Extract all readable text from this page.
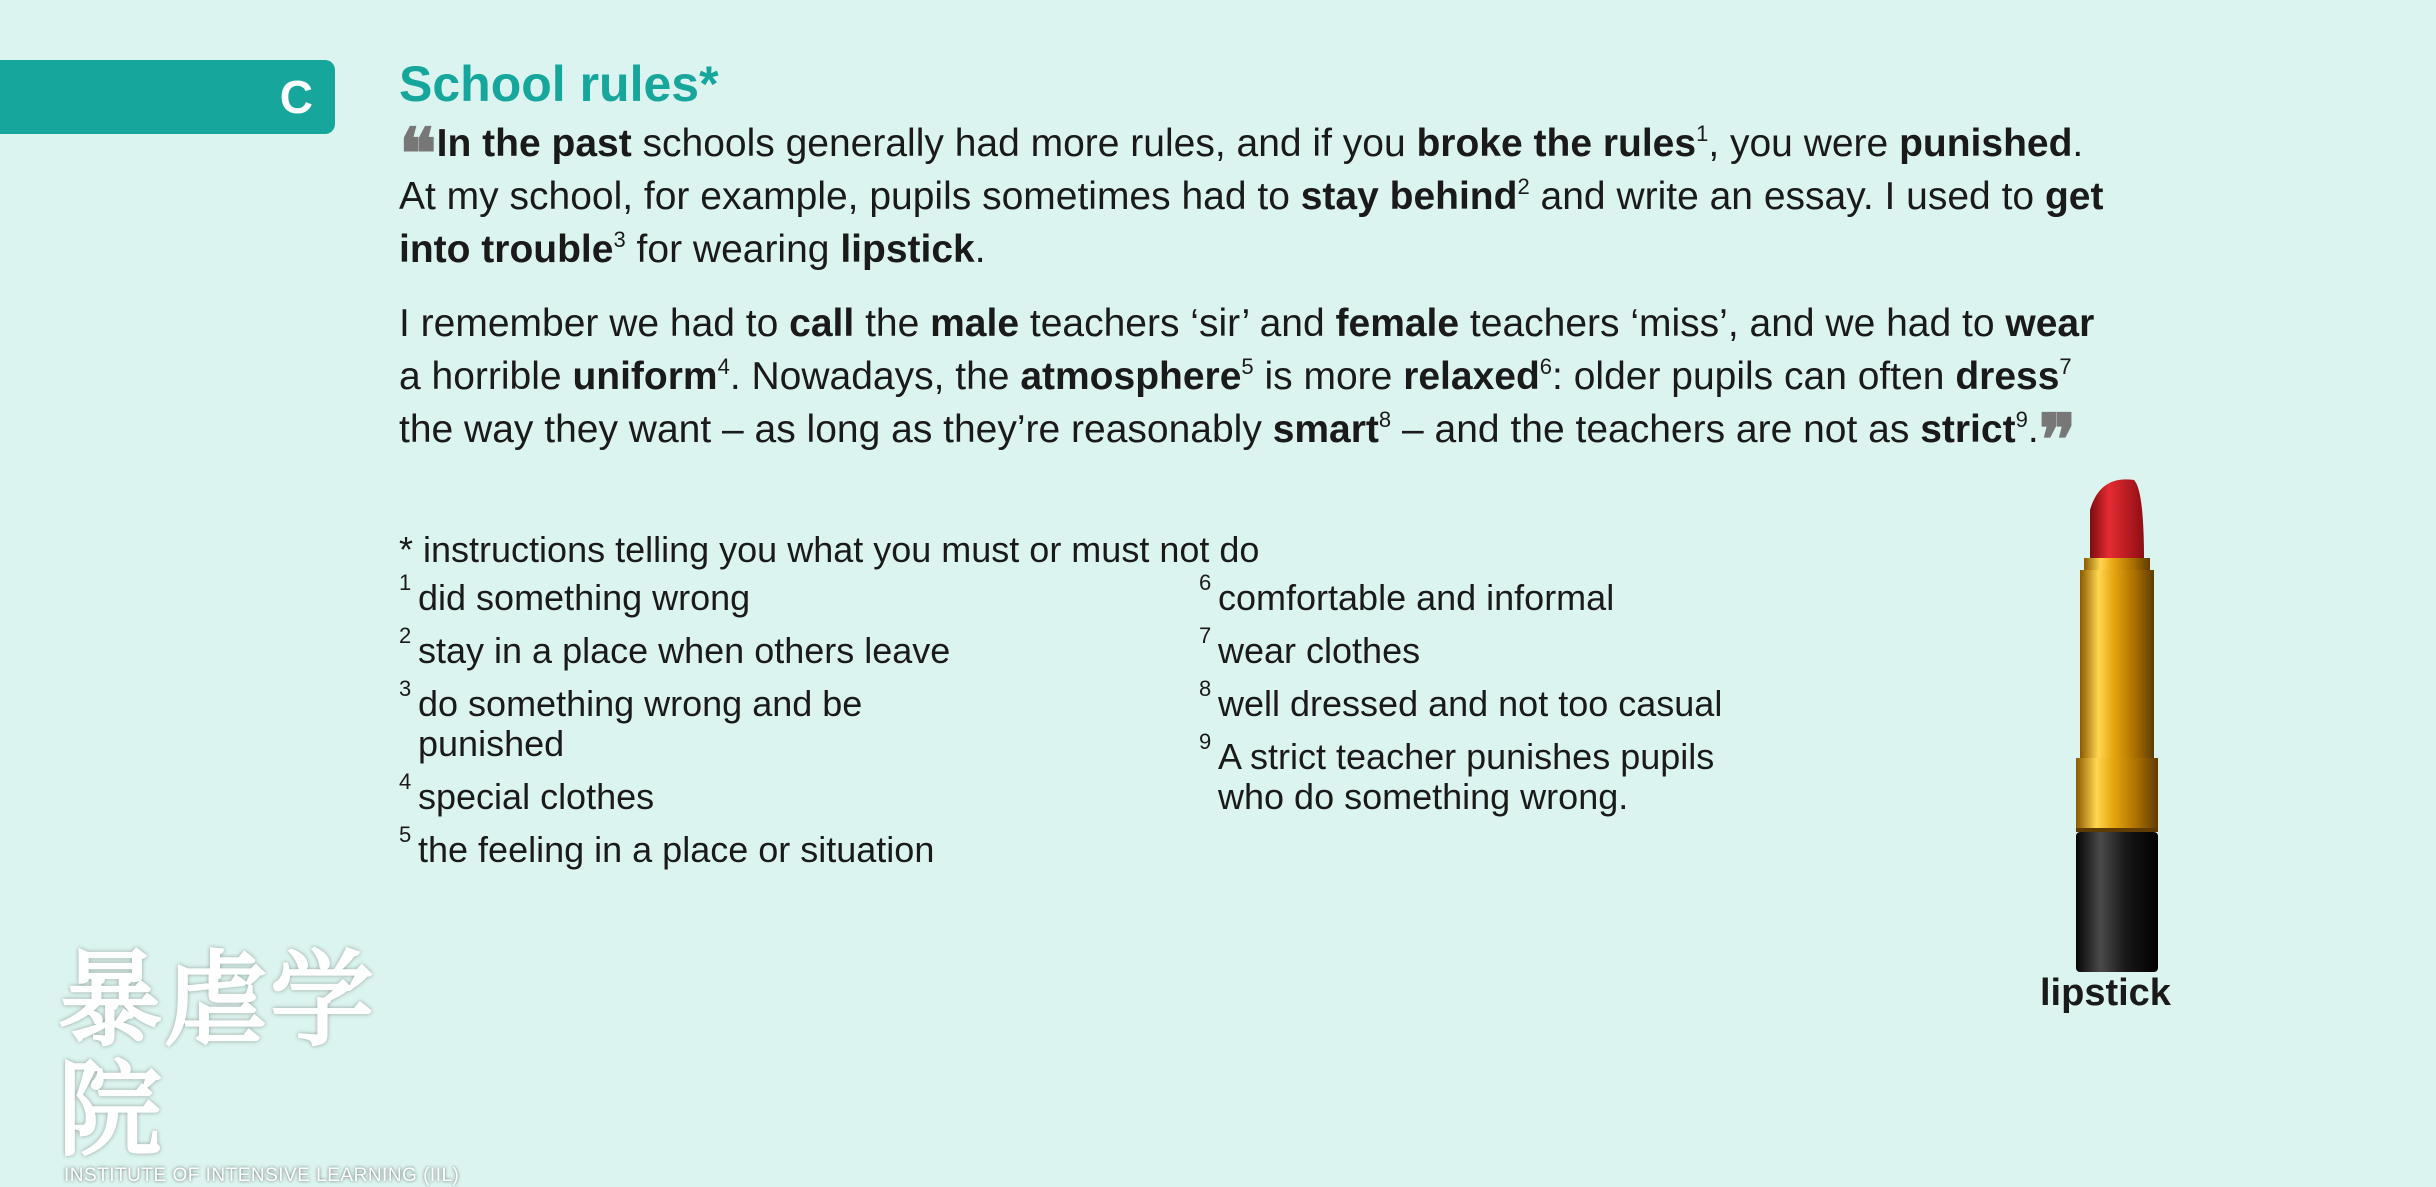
C School rules*

❝In the past schools generally had more rules, and if you broke the rules$^1$, you were punished. At my school, for example, pupils sometimes had to stay behind$^2$ and write an essay. I used to get into trouble$^3$ for wearing lipstick.

I remember we had to call the male teachers ‘sir’ and female teachers ‘miss’, and we had to wear a horrible uniform$^4$. Nowadays, the atmosphere$^5$ is more relaxed$^6$: older pupils can often dress$^7$ the way they want – as long as they’re reasonably smart$^8$ – and the teachers are not as strict$^9$.❞

* instructions telling you what you must or must not do

1 did something wrong
2 stay in a place when others leave
3 do something wrong and be punished
4 special clothes
5 the feeling in a place or situation
6 comfortable and informal
7 wear clothes
8 well dressed and not too casual
9 A strict teacher punishes pupils who do something wrong.
lipstick
暴虐学院
INSTITUTE OF INTENSIVE LEARNING (IIL)
